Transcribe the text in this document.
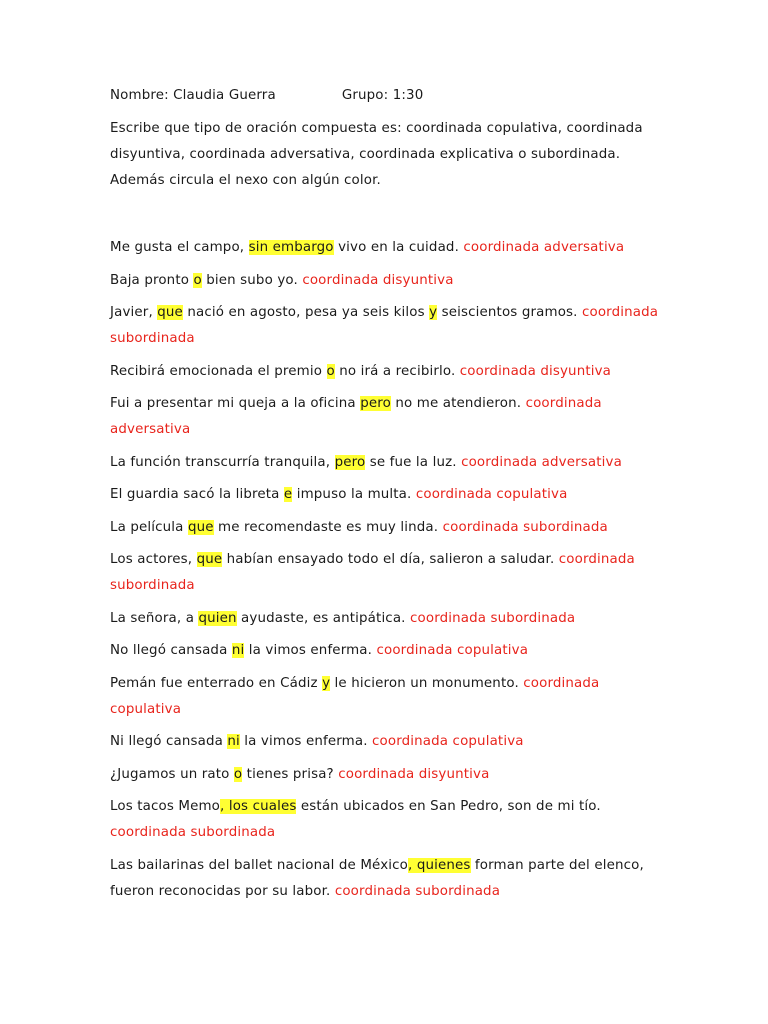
Nombre: Claudia Guerra	Grupo: 1:30
Escribe que tipo de oración compuesta es: coordinada copulativa, coordinada disyuntiva, coordinada adversativa, coordinada explicativa o subordinada. Además circula el nexo con algún color.
Me gusta el campo, sin embargo vivo en la cuidad. coordinada adversativa
Baja pronto o bien subo yo. coordinada disyuntiva
Javier, que nació en agosto, pesa ya seis kilos y seiscientos gramos. coordinada subordinada
Recibirá emocionada el premio o no irá a recibirlo. coordinada disyuntiva
Fui a presentar mi queja a la oficina pero no me atendieron. coordinada adversativa
La función transcurría tranquila, pero se fue la luz. coordinada adversativa
El guardia sacó la libreta e impuso la multa. coordinada copulativa
La película que me recomendaste es muy linda. coordinada subordinada
Los actores, que habían ensayado todo el día, salieron a saludar. coordinada subordinada
La señora, a quien ayudaste, es antipática. coordinada subordinada
No llegó cansada ni la vimos enferma. coordinada copulativa
Pemán fue enterrado en Cádiz y le hicieron un monumento. coordinada copulativa
Ni llegó cansada ni la vimos enferma. coordinada copulativa
¿Jugamos un rato o tienes prisa? coordinada disyuntiva
Los tacos Memo, los cuales están ubicados en San Pedro, son de mi tío. coordinada subordinada
Las bailarinas del ballet nacional de México, quienes forman parte del elenco, fueron reconocidas por su labor. coordinada subordinada
